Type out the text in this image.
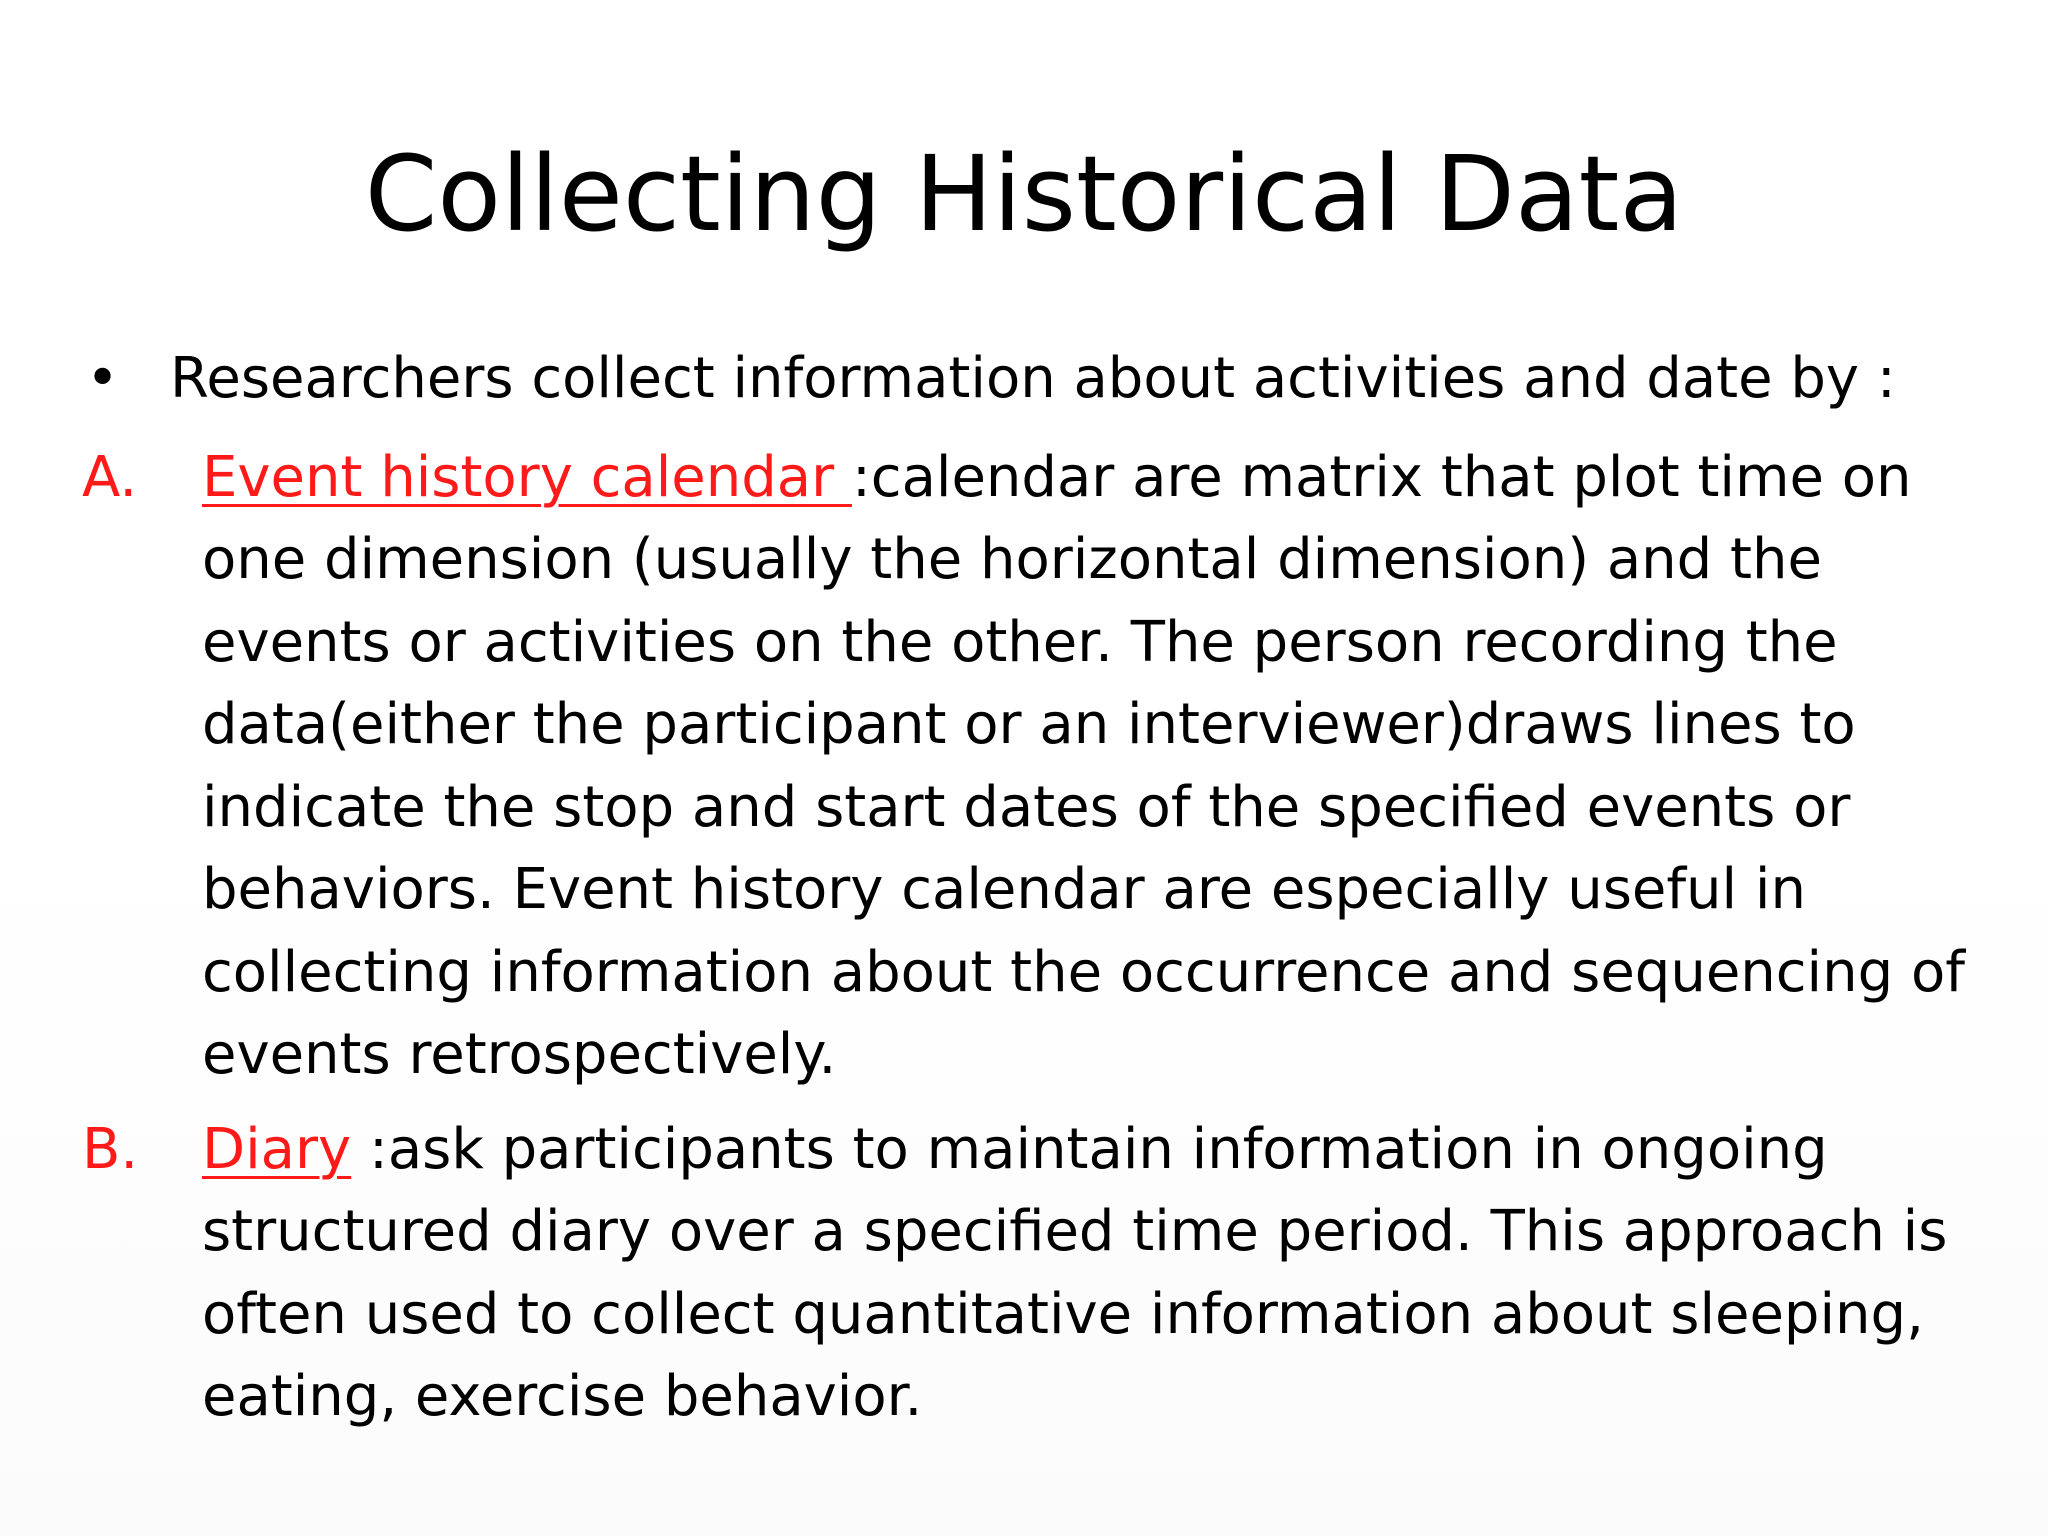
Collecting Historical Data
• Researchers collect information about activities and date by :
A.	Event history calendar :calendar are matrix that plot time on one dimension (usually the horizontal dimension) and the events or activities on the other. The person recording the data(either the participant or an interviewer)draws lines to indicate the stop and start dates of the specified events or behaviors. Event history calendar are especially useful in collecting information about the occurrence and sequencing of events retrospectively.
B.	Diary :ask participants to maintain information in ongoing structured diary over a specified time period. This approach is often used to collect quantitative information about sleeping, eating, exercise behavior.
